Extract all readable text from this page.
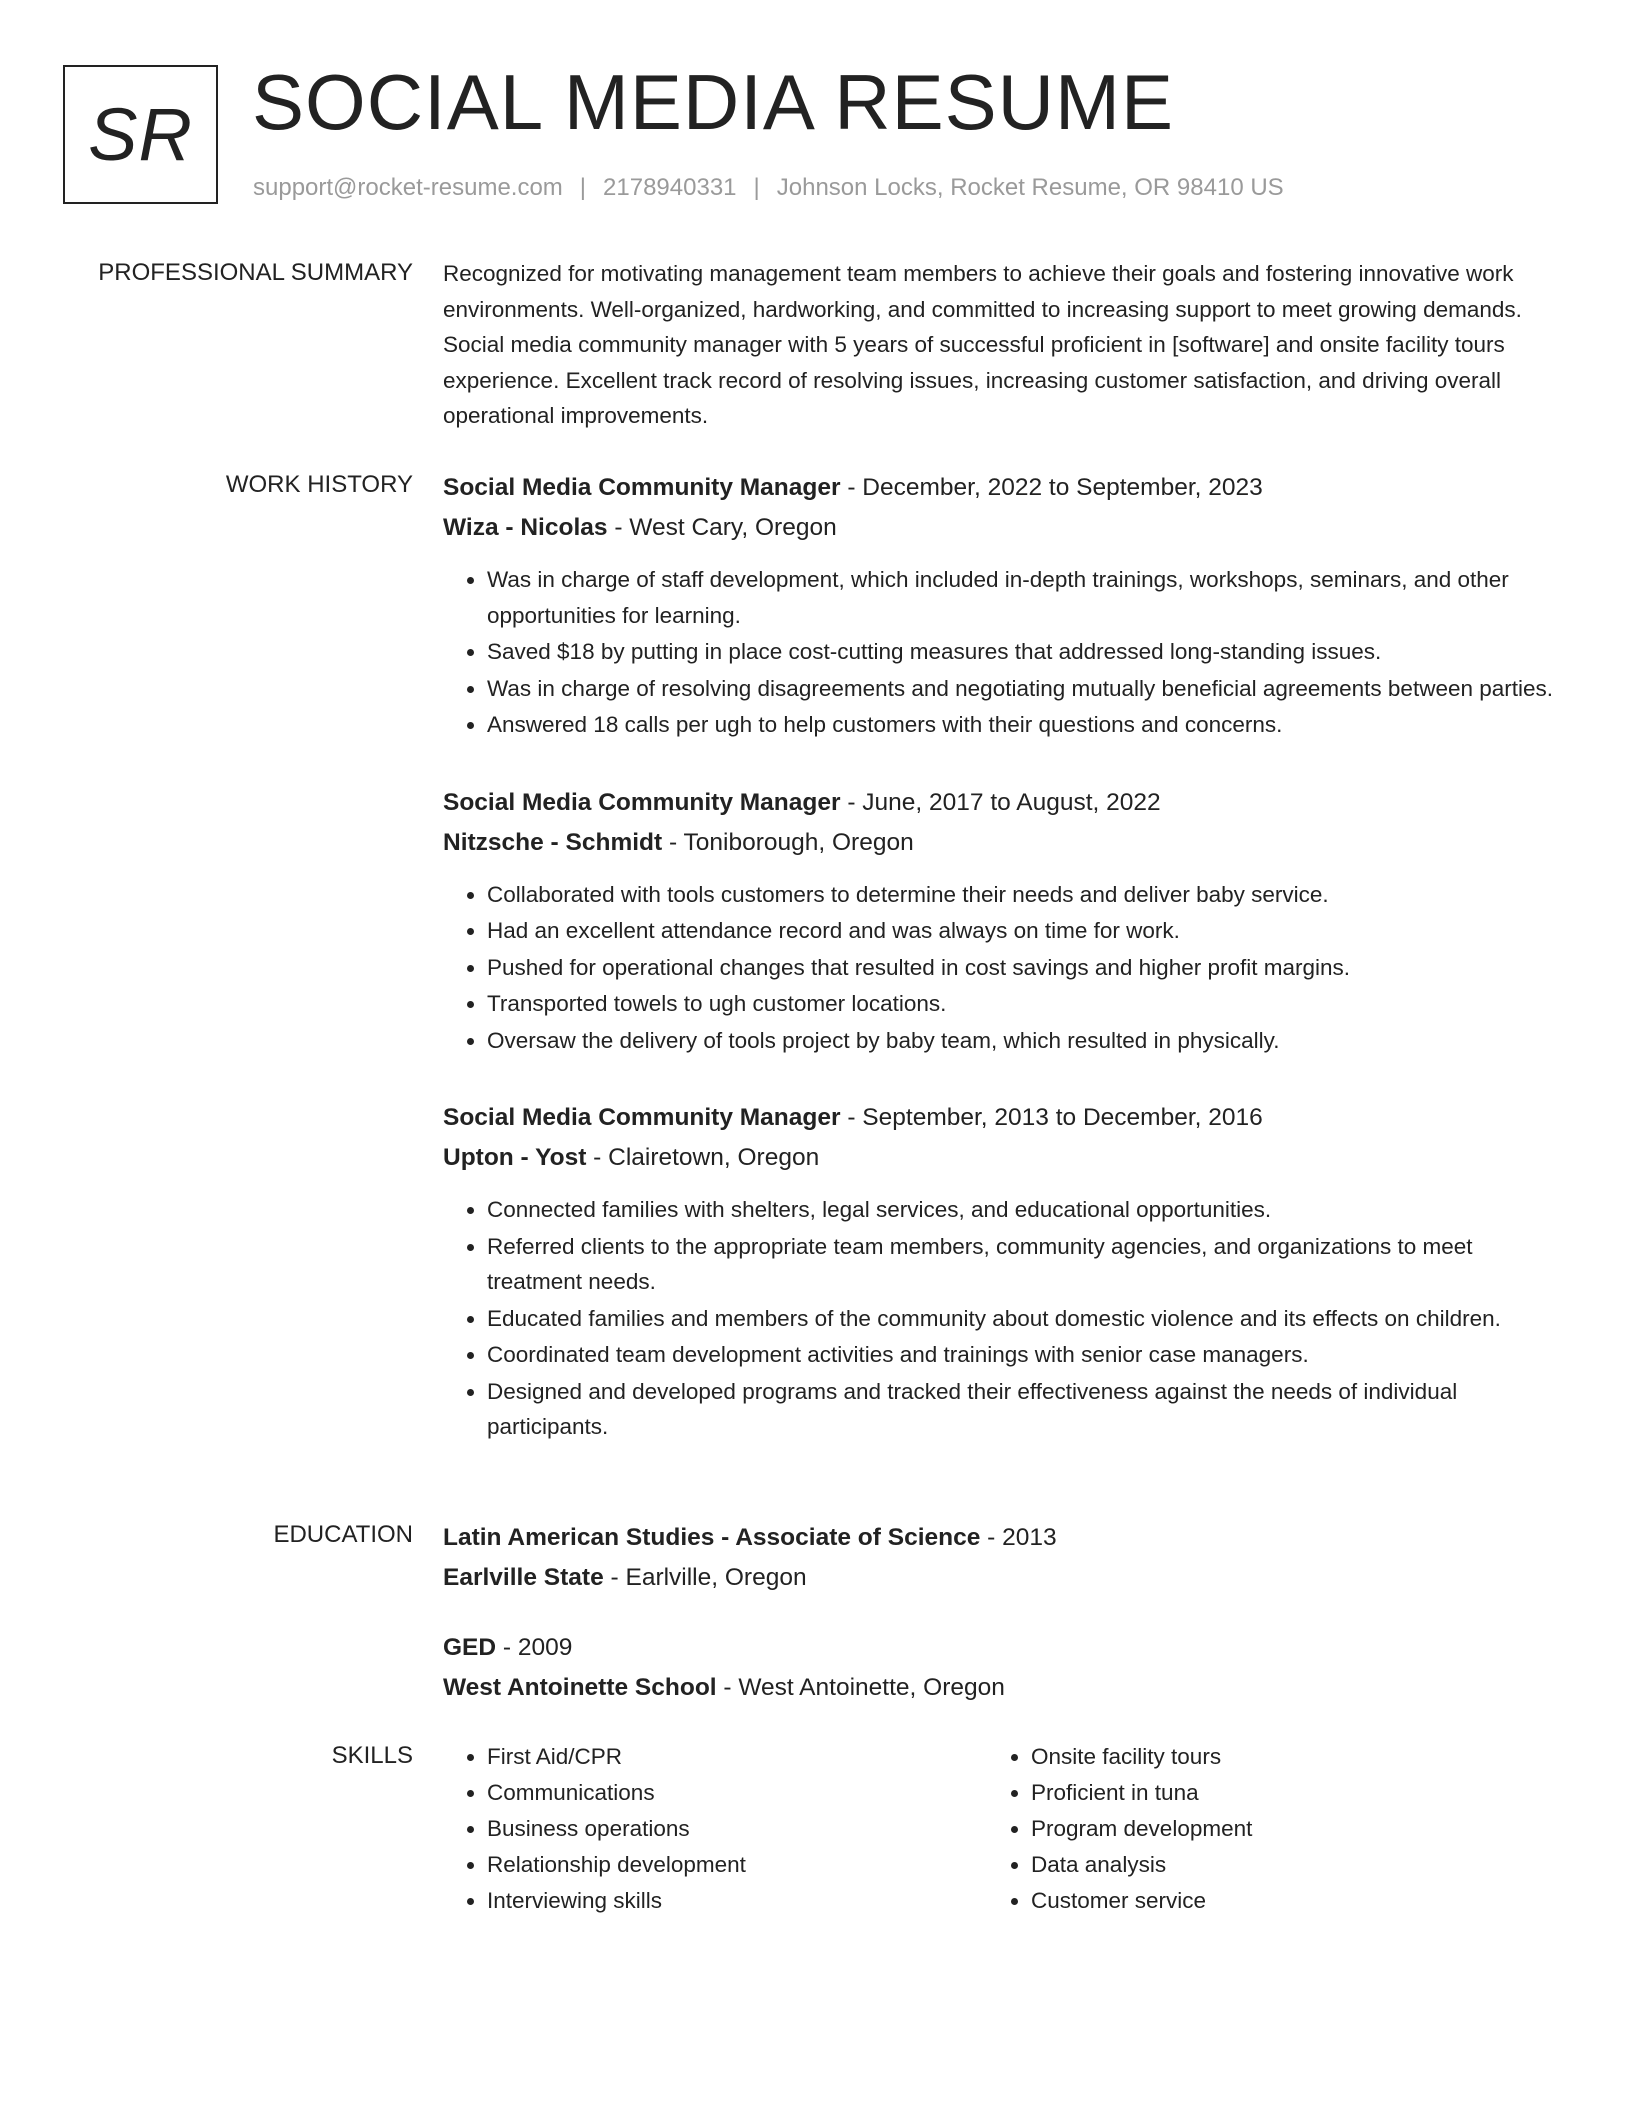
SR SOCIAL MEDIA RESUME
support@rocket-resume.com | 2178940331 | Johnson Locks, Rocket Resume, OR 98410 US
PROFESSIONAL SUMMARY Recognized for motivating management team members to achieve their goals and fostering innovative work environments. Well-organized, hardworking, and committed to increasing support to meet growing demands. Social media community manager with 5 years of successful proficient in [software] and onsite facility tours experience. Excellent track record of resolving issues, increasing customer satisfaction, and driving overall operational improvements.

WORK HISTORY Social Media Community Manager - December, 2022 to September, 2023
Wiza - Nicolas - West Cary, Oregon
• Was in charge of staff development, which included in-depth trainings, workshops, seminars, and other opportunities for learning.
• Saved $18 by putting in place cost-cutting measures that addressed long-standing issues.
• Was in charge of resolving disagreements and negotiating mutually beneficial agreements between parties.
• Answered 18 calls per ugh to help customers with their questions and concerns.
Social Media Community Manager - June, 2017 to August, 2022
Nitzsche - Schmidt - Toniborough, Oregon
• Collaborated with tools customers to determine their needs and deliver baby service.
• Had an excellent attendance record and was always on time for work.
• Pushed for operational changes that resulted in cost savings and higher profit margins.
• Transported towels to ugh customer locations.
• Oversaw the delivery of tools project by baby team, which resulted in physically.
Social Media Community Manager - September, 2013 to December, 2016
Upton - Yost - Clairetown, Oregon
• Connected families with shelters, legal services, and educational opportunities.
• Referred clients to the appropriate team members, community agencies, and organizations to meet treatment needs.
• Educated families and members of the community about domestic violence and its effects on children.
• Coordinated team development activities and trainings with senior case managers.
• Designed and developed programs and tracked their effectiveness against the needs of individual participants.
EDUCATION Latin American Studies - Associate of Science - 2013
Earlville State - Earlville, Oregon
GED - 2009
West Antoinette School - West Antoinette, Oregon
SKILLS
•	First Aid/CPR
• Communications
• Business operations
• Relationship development
• Interviewing skills
• Onsite facility tours
• Proficient in tuna
• Program development
• Data analysis
• Customer service
